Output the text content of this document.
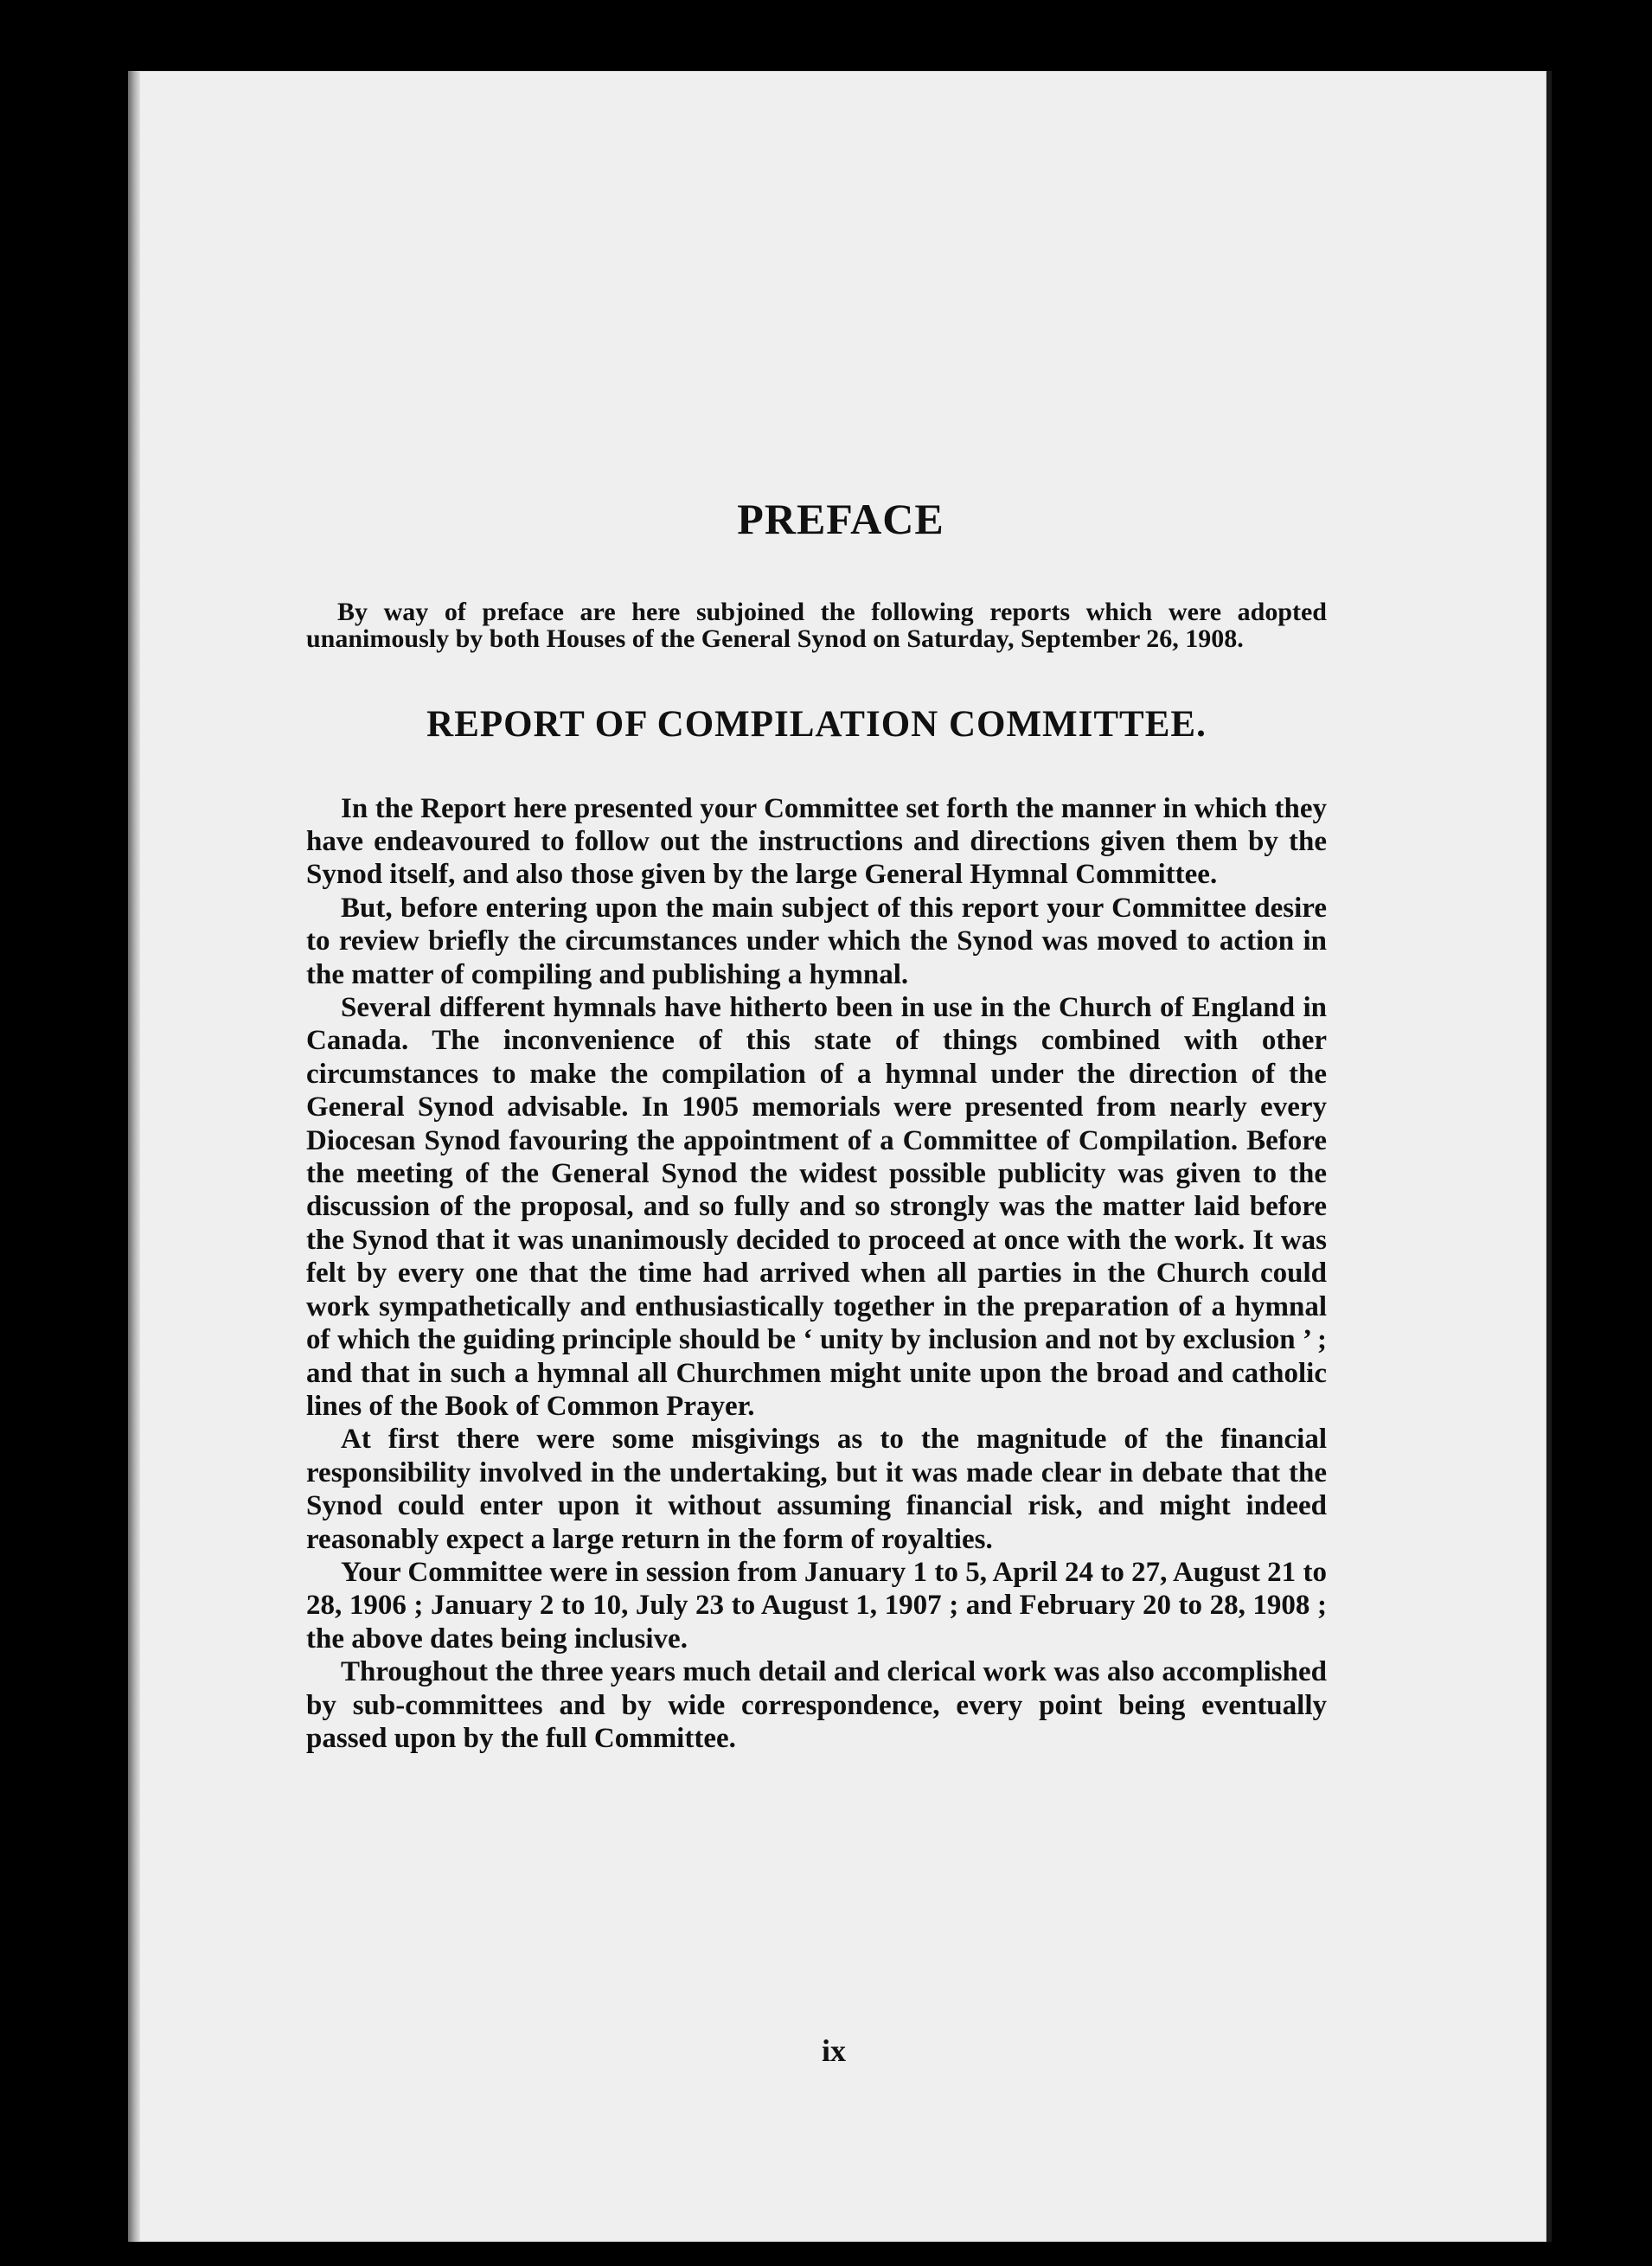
PREFACE

By way of preface are here subjoined the following reports which were adopted unanimously by both Houses of the General Synod on Saturday, September 26, 1908.

REPORT OF COMPILATION COMMITTEE.

In the Report here presented your Committee set forth the manner in which they have endeavoured to follow out the instructions and directions given them by the Synod itself, and also those given by the large General Hymnal Committee.

But, before entering upon the main subject of this report your Committee desire to review briefly the circumstances under which the Synod was moved to action in the matter of compiling and publishing a hymnal.

Several different hymnals have hitherto been in use in the Church of England in Canada. The inconvenience of this state of things combined with other circumstances to make the compilation of a hymnal under the direction of the General Synod advisable. In 1905 memorials were presented from nearly every Diocesan Synod favouring the appointment of a Committee of Compilation. Before the meeting of the General Synod the widest possible publicity was given to the discussion of the proposal, and so fully and so strongly was the matter laid before the Synod that it was unanimously decided to proceed at once with the work. It was felt by every one that the time had arrived when all parties in the Church could work sympathetically and enthusiastically together in the preparation of a hymnal of which the guiding principle should be ‘ unity by inclusion and not by exclusion ’ ; and that in such a hymnal all Churchmen might unite upon the broad and catholic lines of the Book of Common Prayer.

At first there were some misgivings as to the magnitude of the financial responsibility involved in the undertaking, but it was made clear in debate that the Synod could enter upon it without assuming financial risk, and might indeed reasonably expect a large return in the form of royalties.

Your Committee were in session from January 1 to 5, April 24 to 27, August 21 to 28, 1906 ; January 2 to 10, July 23 to August 1, 1907 ; and February 20 to 28, 1908 ; the above dates being inclusive.

Throughout the three years much detail and clerical work was also accomplished by sub-committees and by wide correspondence, every point being eventually passed upon by the full Committee.

ix
